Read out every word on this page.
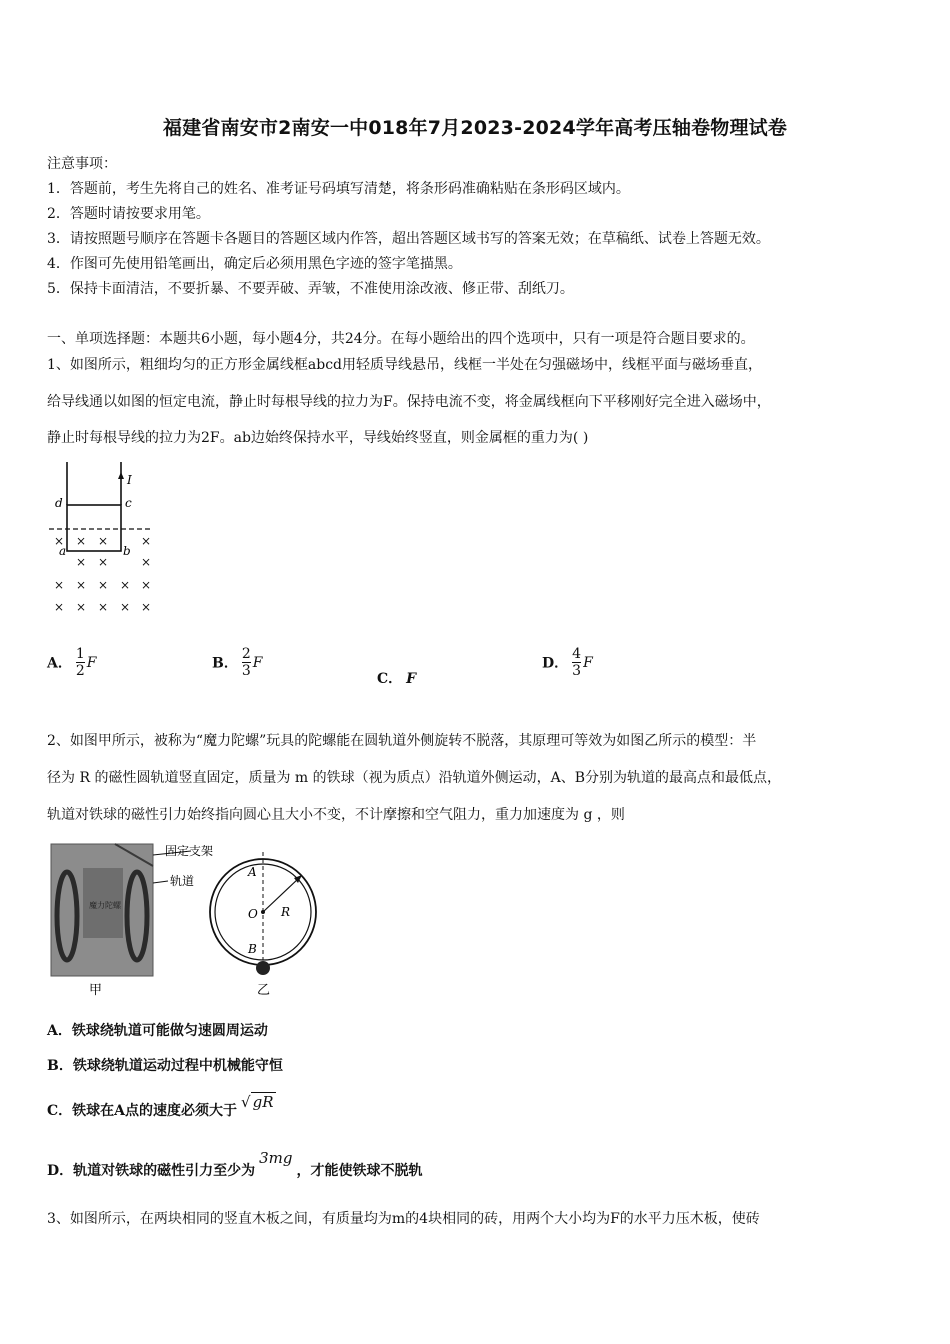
福建省南安市2南安一中018年7月2023-2024学年高考压轴卷物理试卷
注意事项：
1．答题前，考生先将自己的姓名、准考证号码填写清楚，将条形码准确粘贴在条形码区域内。
2．答题时请按要求用笔。
3．请按照题号顺序在答题卡各题目的答题区域内作答，超出答题区域书写的答案无效；在草稿纸、试卷上答题无效。
4．作图可先使用铅笔画出，确定后必须用黑色字迹的签字笔描黑。
5．保持卡面清洁，不要折暴、不要弄破、弄皱，不准使用涂改液、修正带、刮纸刀。
一、单项选择题：本题共6小题，每小题4分，共24分。在每小题给出的四个选项中，只有一项是符合题目要求的。
1、如图所示，粗细均匀的正方形金属线框abcd用轻质导线悬吊，线框一半处在匀强磁场中，线框平面与磁场垂直，
给导线通以如图的恒定电流，静止时每根导线的拉力为F。保持电流不变，将金属线框向下平移刚好完全进入磁场中，
静止时每根导线的拉力为2F。ab边始终保持水平，导线始终竖直，则金属框的重力为( )
I
d	c
a	b
× × ×	×
× ×	×
× × × × ×
× × × × ×
A． $\frac{1}{2}$ F	B． $\frac{2}{3}$ F
C． F
D． $\frac{4}{3}$ F
2、如图甲所示，被称为“魔力陀螺”玩具的陀螺能在圆轨道外侧旋转不脱落，其原理可等效为如图乙所示的模型：半
径为 R 的磁性圆轨道竖直固定，质量为 m 的铁球（视为质点）沿轨道外侧运动，A、B分别为轨道的最高点和最低点，
轨道对铁球的磁性引力始终指向圆心且大小不变，不计摩擦和空气阻力，重力加速度为 g ，则
魔力陀螺
固定支架
轨道
甲
A
O R
B
乙
A．铁球绕轨道可能做匀速圆周运动
B．铁球绕轨道运动过程中机械能守恒
C．铁球在A点的速度必须大于 √ gR
D．轨道对铁球的磁性引力至少为3mg，才能使铁球不脱轨
3、如图所示，在两块相同的竖直木板之间，有质量均为m的4块相同的砖，用两个大小均为F的水平力压木板，使砖
